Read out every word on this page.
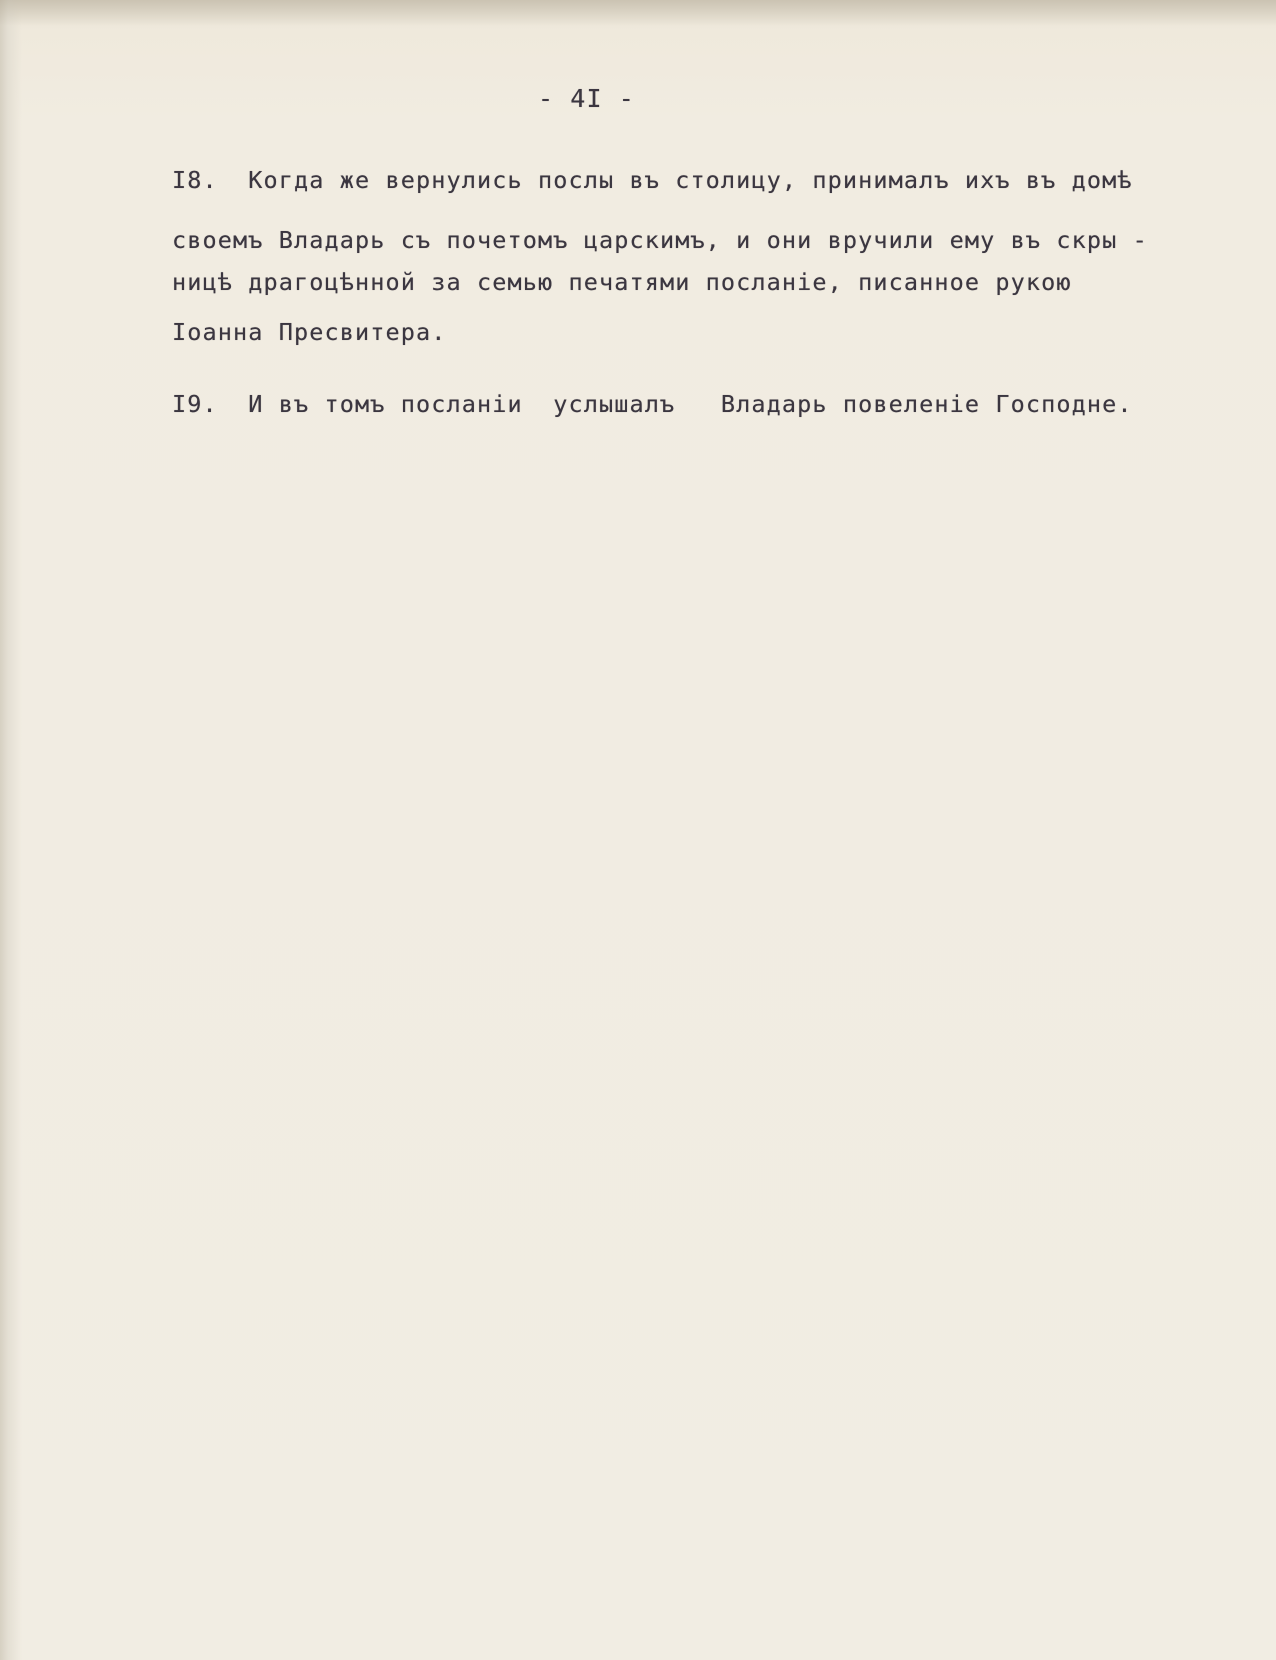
- 4I -
I8.  Когда же вернулись послы въ столицу, принималъ ихъ въ домѣ
своемъ Владарь съ почетомъ царскимъ, и они вручили ему въ скры -
ницѣ драгоцѣнной за семью печатями посланіе, писанное рукою
Іоанна Пресвитера.
I9.  И въ томъ посланіи  услышалъ   Владарь повеленіе Господне.
